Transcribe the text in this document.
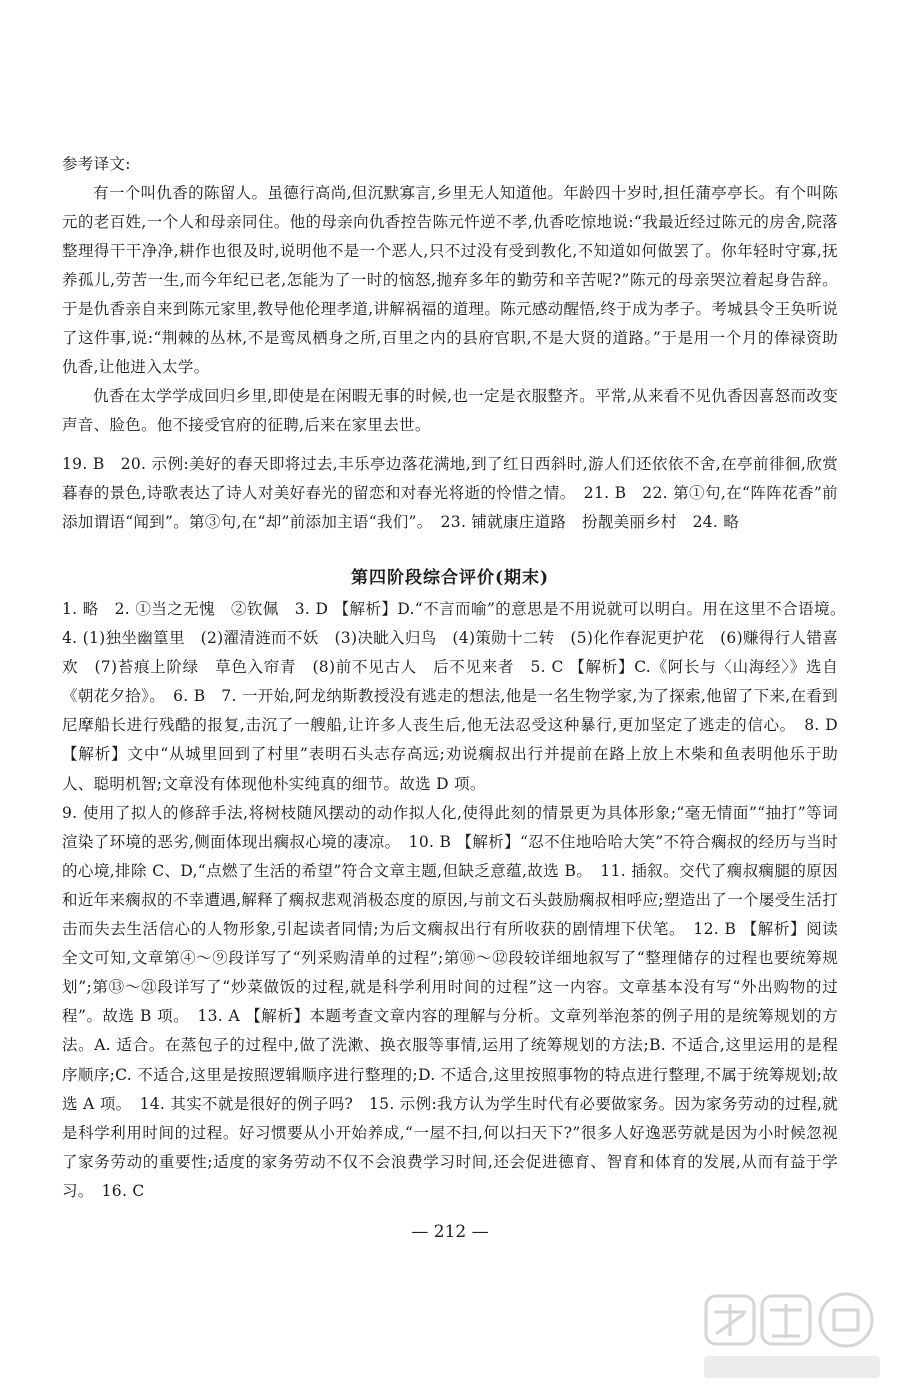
参考译文:

有一个叫仇香的陈留人。虽德行高尚,但沉默寡言,乡里无人知道他。年龄四十岁时,担任蒲亭亭长。有个叫陈元的老百姓,一个人和母亲同住。他的母亲向仇香控告陈元忤逆不孝,仇香吃惊地说:“我最近经过陈元的房舍,院落整理得干干净净,耕作也很及时,说明他不是一个恶人,只不过没有受到教化,不知道如何做罢了。你年轻时守寡,抚养孤儿,劳苦一生,而今年纪已老,怎能为了一时的恼怒,抛弃多年的勤劳和辛苦呢?”陈元的母亲哭泣着起身告辞。于是仇香亲自来到陈元家里,教导他伦理孝道,讲解祸福的道理。陈元感动醒悟,终于成为孝子。考城县令王奂听说了这件事,说:“荆棘的丛林,不是鸾凤栖身之所,百里之内的县府官职,不是大贤的道路。”于是用一个月的俸禄资助仇香,让他进入太学。

仇香在太学学成回归乡里,即使是在闲暇无事的时候,也一定是衣服整齐。平常,从来看不见仇香因喜怒而改变声音、脸色。他不接受官府的征聘,后来在家里去世。

19. B　20. 示例:美好的春天即将过去,丰乐亭边落花满地,到了红日西斜时,游人们还依依不舍,在亭前徘徊,欣赏暮春的景色,诗歌表达了诗人对美好春光的留恋和对春光将逝的怜惜之情。　21. B　22. 第①句,在“阵阵花香”前添加谓语“闻到”。第③句,在“却”前添加主语“我们”。　23. 铺就康庄道路　扮靓美丽乡村　24. 略

第四阶段综合评价(期末)

1. 略　2. ①当之无愧　②钦佩　3. D 【解析】D.“不言而喻”的意思是不用说就可以明白。用在这里不合语境。　4. (1)独坐幽篁里　(2)濯清涟而不妖　(3)决眦入归鸟　(4)策勋十二转　(5)化作春泥更护花　(6)赚得行人错喜欢　(7)苔痕上阶绿　草色入帘青　(8)前不见古人　后不见来者　5. C 【解析】C.《阿长与〈山海经〉》选自《朝花夕拾》。　6. B　7. 一开始,阿龙纳斯教授没有逃走的想法,他是一名生物学家,为了探索,他留了下来,在看到尼摩船长进行残酷的报复,击沉了一艘船,让许多人丧生后,他无法忍受这种暴行,更加坚定了逃走的信心。　8. D 【解析】文中“从城里回到了村里”表明石头志存高远;劝说瘸叔出行并提前在路上放上木柴和鱼表明他乐于助人、聪明机智;文章没有体现他朴实纯真的细节。故选 D 项。

9. 使用了拟人的修辞手法,将树枝随风摆动的动作拟人化,使得此刻的情景更为具体形象;“毫无情面”“抽打”等词渲染了环境的恶劣,侧面体现出瘸叔心境的凄凉。　10. B 【解析】“忍不住地哈哈大笑”不符合瘸叔的经历与当时的心境,排除 C、D,“点燃了生活的希望”符合文章主题,但缺乏意蕴,故选 B。　11. 插叙。交代了瘸叔瘸腿的原因和近年来瘸叔的不幸遭遇,解释了瘸叔悲观消极态度的原因,与前文石头鼓励瘸叔相呼应;塑造出了一个屡受生活打击而失去生活信心的人物形象,引起读者同情;为后文瘸叔出行有所收获的剧情埋下伏笔。　12. B 【解析】阅读全文可知,文章第④～⑨段详写了“列采购清单的过程”;第⑩～⑫段较详细地叙写了“整理储存的过程也要统筹规划”;第⑬～㉑段详写了“炒菜做饭的过程,就是科学利用时间的过程”这一内容。文章基本没有写“外出购物的过程”。故选 B 项。　13. A 【解析】本题考查文章内容的理解与分析。文章列举泡茶的例子用的是统筹规划的方法。A. 适合。在蒸包子的过程中,做了洗漱、换衣服等事情,运用了统筹规划的方法;B. 不适合,这里运用的是程序顺序;C. 不适合,这里是按照逻辑顺序进行整理的;D. 不适合,这里按照事物的特点进行整理,不属于统筹规划;故选 A 项。　14. 其实不就是很好的例子吗?　15. 示例:我方认为学生时代有必要做家务。因为家务劳动的过程,就是科学利用时间的过程。好习惯要从小开始养成,“一屋不扫,何以扫天下?”很多人好逸恶劳就是因为小时候忽视了家务劳动的重要性;适度的家务劳动不仅不会浪费学习时间,还会促进德育、智育和体育的发展,从而有益于学习。　16. C

— 212 —
